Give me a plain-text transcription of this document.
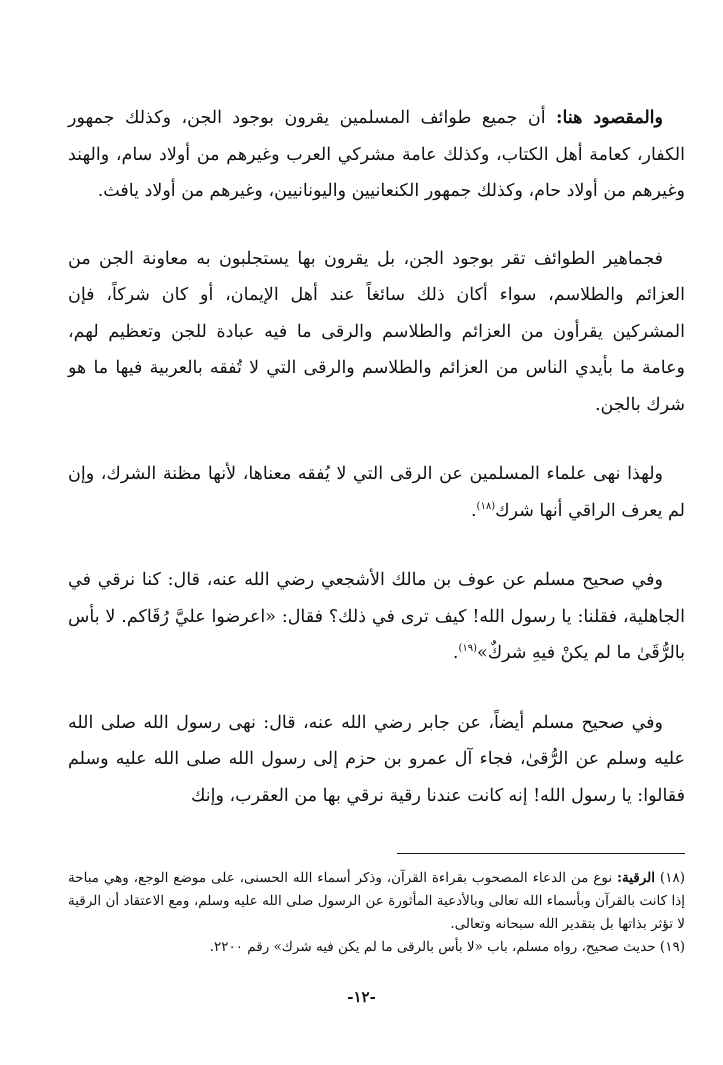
والمقصود هنا: أن جميع طوائف المسلمين يقرون بوجود الجن، وكذلك جمهور الكفار، كعامة أهل الكتاب، وكذلك عامة مشركي العرب وغيرهم من أولاد سام، والهند وغيرهم من أولاد حام، وكذلك جمهور الكنعانيين واليونانيين، وغيرهم من أولاد يافث.

فجماهير الطوائف تقر بوجود الجن، بل يقرون بها يستجلبون به معاونة الجن من العزائم والطلاسم، سواء أكان ذلك سائغاً عند أهل الإيمان، أو كان شركاً، فإن المشركين يقرأون من العزائم والطلاسم والرقى ما فيه عبادة للجن وتعظيم لهم، وعامة ما بأيدي الناس من العزائم والطلاسم والرقى التي لا تُفقه بالعربية فيها ما هو شرك بالجن.

ولهذا نهى علماء المسلمين عن الرقى التي لا يُفقه معناها، لأنها مظنة الشرك، وإن لم يعرف الراقي أنها شرك$^{(١٨)}$.

وفي صحيح مسلم عن عوف بن مالك الأشجعي رضي الله عنه، قال: كنا نرقي في الجاهلية، فقلنا: يا رسول الله! كيف ترى في ذلك؟ فقال: «اعرضوا عليَّ رُقَاكم. لا بأس بالرُّقَىٰ ما لم يكنْ فيهِ شركٌ»$^{(١٩)}$.

وفي صحيح مسلم أيضاً، عن جابر رضي الله عنه، قال: نهى رسول الله صلى الله عليه وسلم عن الرُّقىٰ، فجاء آل عمرو بن حزم إلى رسول الله صلى الله عليه وسلم فقالوا: يا رسول الله! إنه كانت عندنا رقية نرقي بها من العقرب، وإنك

(١٨) الرقية: نوع من الدعاء المصحوب بقراءة القرآن، وذكر أسماء الله الحسنى، على موضع الوجع، وهي مباحة إذا كانت بالقرآن وبأسماء الله تعالى وبالأدعية المأثورة عن الرسول صلى الله عليه وسلم، ومع الاعتقاد أن الرقية لا تؤثر بذاتها بل بتقدير الله سبحانه وتعالى.

(١٩) حديث صحيح، رواه مسلم، باب «لا بأس بالرقى ما لم يكن فيه شرك» رقم ٢٢٠٠.

-١٢-
